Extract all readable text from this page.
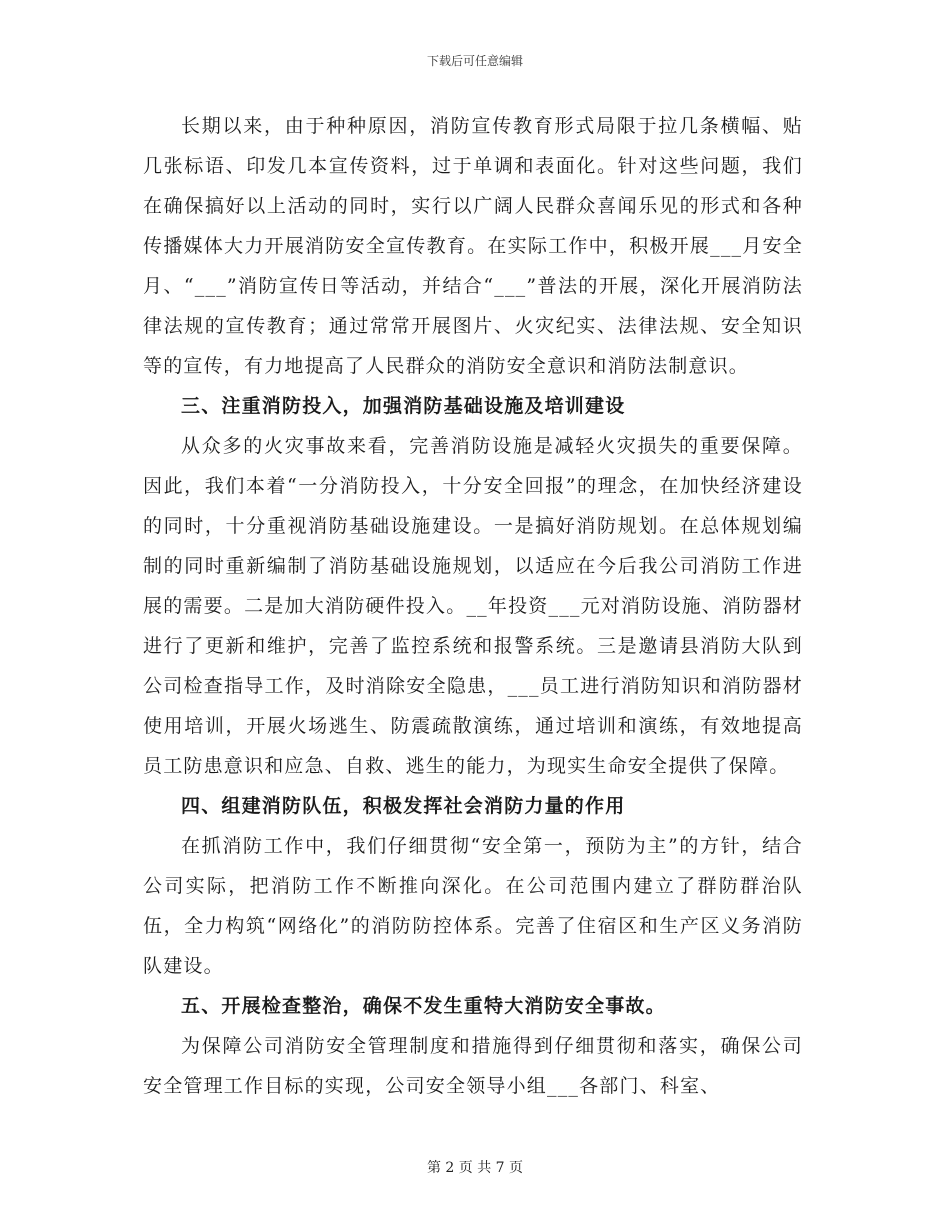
下载后可任意编辑

长期以来，由于种种原因，消防宣传教育形式局限于拉几条横幅、贴几张标语、印发几本宣传资料，过于单调和表面化。针对这些问题，我们在确保搞好以上活动的同时，实行以广阔人民群众喜闻乐见的形式和各种传播媒体大力开展消防安全宣传教育。在实际工作中，积极开展___月安全月、“___”消防宣传日等活动，并结合“___”普法的开展，深化开展消防法律法规的宣传教育；通过常常开展图片、火灾纪实、法律法规、安全知识等的宣传，有力地提高了人民群众的消防安全意识和消防法制意识。

三、注重消防投入，加强消防基础设施及培训建设

从众多的火灾事故来看，完善消防设施是减轻火灾损失的重要保障。因此，我们本着“一分消防投入，十分安全回报”的理念，在加快经济建设的同时，十分重视消防基础设施建设。一是搞好消防规划。在总体规划编制的同时重新编制了消防基础设施规划，以适应在今后我公司消防工作进展的需要。二是加大消防硬件投入。__年投资___元对消防设施、消防器材进行了更新和维护，完善了监控系统和报警系统。三是邀请县消防大队到公司检查指导工作，及时消除安全隐患，___员工进行消防知识和消防器材使用培训，开展火场逃生、防震疏散演练，通过培训和演练，有效地提高员工防患意识和应急、自救、逃生的能力，为现实生命安全提供了保障。

四、组建消防队伍，积极发挥社会消防力量的作用

在抓消防工作中，我们仔细贯彻“安全第一，预防为主”的方针，结合公司实际，把消防工作不断推向深化。在公司范围内建立了群防群治队伍，全力构筑“网络化”的消防防控体系。完善了住宿区和生产区义务消防队建设。

五、开展检查整治，确保不发生重特大消防安全事故。

为保障公司消防安全管理制度和措施得到仔细贯彻和落实，确保公司安全管理工作目标的实现，公司安全领导小组___各部门、科室、

第 2 页 共 7 页
